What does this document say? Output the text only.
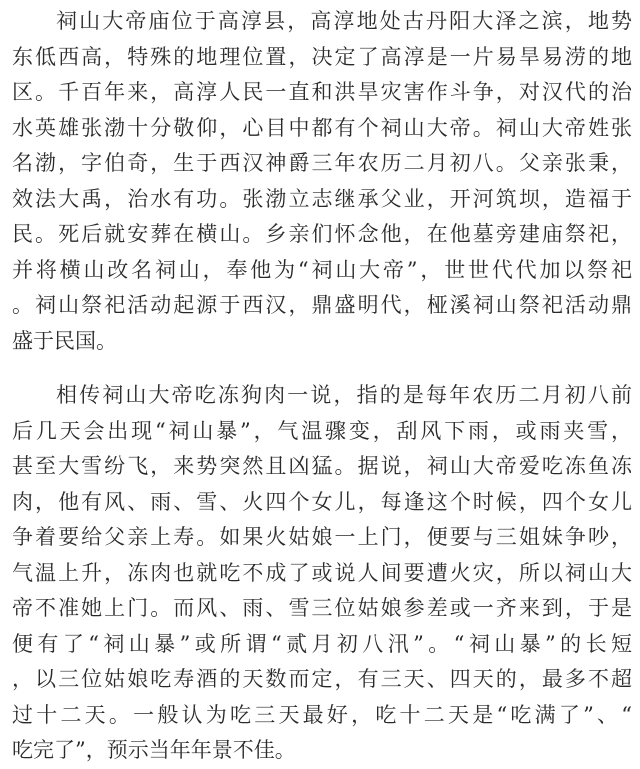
祠山大帝庙位于高淳县，高淳地处古丹阳大泽之滨，地势
东低西高，特殊的地理位置，决定了高淳是一片易旱易涝的地
区。千百年来，高淳人民一直和洪旱灾害作斗争，对汉代的治
水英雄张渤十分敬仰，心目中都有个祠山大帝。祠山大帝姓张
名渤，字伯奇，生于西汉神爵三年农历二月初八。父亲张秉，
效法大禹，治水有功。张渤立志继承父业，开河筑坝，造福于
民。死后就安葬在横山。乡亲们怀念他，在他墓旁建庙祭祀，
并将横山改名祠山，奉他为“祠山大帝”，世世代代加以祭祀
。祠山祭祀活动起源于西汉，鼎盛明代，桠溪祠山祭祀活动鼎
盛于民国。
相传祠山大帝吃冻狗肉一说，指的是每年农历二月初八前
后几天会出现“祠山暴”，气温骤变，刮风下雨，或雨夹雪，
甚至大雪纷飞，来势突然且凶猛。据说，祠山大帝爱吃冻鱼冻
肉，他有风、雨、雪、火四个女儿，每逢这个时候，四个女儿
争着要给父亲上寿。如果火姑娘一上门，便要与三姐妹争吵，
气温上升，冻肉也就吃不成了或说人间要遭火灾，所以祠山大
帝不准她上门。而风、雨、雪三位姑娘参差或一齐来到，于是
便有了“祠山暴”或所谓“贰月初八汛”。“祠山暴”的长短
，以三位姑娘吃寿酒的天数而定，有三天、四天的，最多不超
过十二天。一般认为吃三天最好，吃十二天是“吃满了”、“
吃完了”，预示当年年景不佳。
